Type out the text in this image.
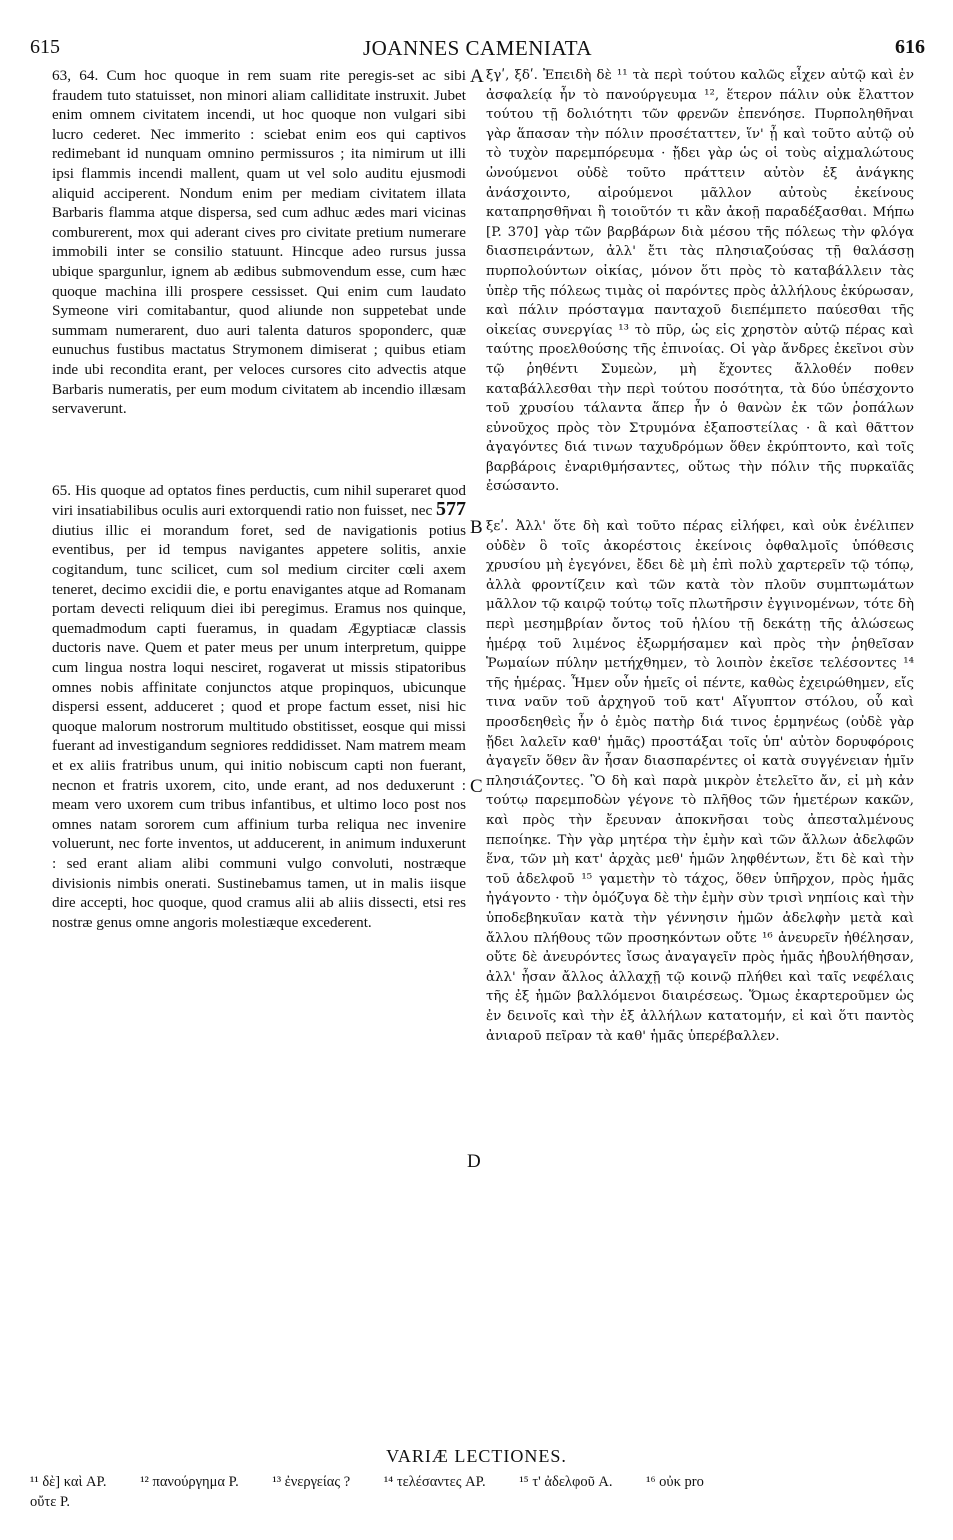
615	JOANNES CAMENIATA	616
A
B
C
D

63, 64. Cum hoc quoque in rem suam rite peregis-set ac sibi fraudem tuto statuisset, non minori aliam calliditate instruxit. Jubet enim omnem civitatem incendi, ut hoc quoque non vulgari sibi lucro cederet. Nec immerito : sciebat enim eos qui captivos redimebant id nunquam omnino permissuros ; ita nimirum ut illi ipsi flammis incendi mallent, quam ut vel solo auditu ejusmodi aliquid acciperent. Nondum enim per mediam civitatem illata Barbaris flamma atque dispersa, sed cum adhuc ædes mari vicinas comburerent, mox qui aderant cives pro civitate pretium numerare immobili inter se consilio statuunt. Hincque adeo rursus jussa ubique spargunlur, ignem ab ædibus submovendum esse, cum hæc quoque machina illi prospere cessisset. Qui enim cum laudato Symeone viri comitabantur, quod aliunde non suppetebat unde summam numerarent, duo auri talenta daturos spoponderc, quæ eunuchus fustibus mactatus Strymonem dimiserat ; quibus etiam inde ubi recondita erant, per veloces cursores cito advectis atque Barbaris numeratis, per eum modum civitatem ab incendio illæsam servaverunt.

65. His quoque ad optatos fines perductis, cum nihil superaret quod viri insatiabilibus oculis auri extorquendi ratio non fuisset, nec 577 diutius illic ei morandum foret, sed de navigationis potius eventibus, per id tempus navigantes appetere solitis, anxie cogitandum, tunc scilicet, cum sol medium circiter cœli axem teneret, decimo excidii die, e portu enavigantes atque ad Romanam portam devecti reliquum diei ibi peregimus. Eramus nos quinque, quemadmodum capti fueramus, in quadam Ægyptiacæ classis ductoris nave. Quem et pater meus per unum interpretum, quippe cum lingua nostra loqui nesciret, rogaverat ut missis stipatoribus omnes nobis affinitate conjunctos atque propinquos, ubicunque dispersi essent, adduceret ; quod et prope factum esset, nisi hic quoque malorum nostrorum multitudo obstitisset, eosque qui missi fuerant ad investigandum segniores reddidisset. Nam matrem meam et ex aliis fratribus unum, qui initio nobiscum capti non fuerant, necnon et fratris uxorem, cito, unde erant, ad nos deduxerunt : meam vero uxorem cum tribus infantibus, et ultimo loco post nos omnes natam sororem cum affinium turba reliqua nec invenire voluerunt, nec forte inventos, ut adducerent, in animum induxerunt : sed erant aliam alibi communi vulgo convoluti, nostræque divisionis nimbis onerati. Sustinebamus tamen, ut in malis iisque dire accepti, hoc quoque, quod cramus alii ab aliis dissecti, etsi res nostræ genus omne angoris molestiæque excederent.

ξγʹ, ξδʹ. Ἐπειδὴ δὲ ¹¹ τὰ περὶ τούτου καλῶς εἶχεν αὐτῷ καὶ ἐν ἀσφαλείᾳ ἦν τὸ πανούργευμα ¹², ἕτερον πάλιν οὐκ ἔλαττον τούτου τῇ δολιότητι τῶν φρενῶν ἐπενόησε. Πυρποληθῆναι γὰρ ἅπασαν τὴν πόλιν προσέταττεν, ἵν' ᾖ καὶ τοῦτο αὐτῷ οὐ τὸ τυχὸν παρεμπόρευμα · ᾔδει γὰρ ὡς οἱ τοὺς αἰχμαλώτους ὠνούμενοι οὐδὲ τοῦτο πράττειν αὐτὸν ἐξ ἀνάγκης ἀνάσχοιντο, αἱρούμενοι μᾶλλον αὐτοὺς ἐκείνους καταπρησθῆναι ἢ τοιοῦτόν τι κἂν ἀκοῇ παραδέξασθαι. Μήπω [P. 370] γὰρ τῶν βαρβάρων διὰ μέσου τῆς πόλεως τὴν φλόγα διασπειράντων, ἀλλ' ἔτι τὰς πλησιαζούσας τῇ θαλάσσῃ πυρπολούντων οἰκίας, μόνον ὅτι πρὸς τὸ καταβάλλειν τὰς ὑπὲρ τῆς πόλεως τιμὰς οἱ παρόντες πρὸς ἀλλήλους ἐκύρωσαν, καὶ πάλιν πρόσταγμα πανταχοῦ διεπέμπετο παύεσθαι τῆς οἰκείας συνεργίας ¹³ τὸ πῦρ, ὡς εἰς χρηστὸν αὐτῷ πέρας καὶ ταύτης προελθούσης τῆς ἐπινοίας. Οἱ γὰρ ἄνδρες ἐκεῖνοι σὺν τῷ ῥηθέντι Συμεὼν, μὴ ἔχοντες ἄλλοθέν ποθεν καταβάλλεσθαι τὴν περὶ τούτου ποσότητα, τὰ δύο ὑπέσχοντο τοῦ χρυσίου τάλαντα ἅπερ ἦν ὁ θανὼν ἐκ τῶν ῥοπάλων εὐνοῦχος πρὸς τὸν Στρυμόνα ἐξαποστείλας · ἃ καὶ θᾶττον ἀγαγόντες διά τινων ταχυδρόμων ὅθεν ἐκρύπτοντο, καὶ τοῖς βαρβάροις ἐναριθμήσαντες, οὕτως τὴν πόλιν τῆς πυρκαϊᾶς ἐσώσαντο.

ξεʹ. Ἀλλ' ὅτε δὴ καὶ τοῦτο πέρας εἰλήφει, καὶ οὐκ ἐνέλιπεν οὐδὲν ὃ τοῖς ἀκορέστοις ἐκείνοις ὀφθαλμοῖς ὑπόθεσις χρυσίου μὴ ἐγεγόνει, ἔδει δὲ μὴ ἐπὶ πολὺ χαρτερεῖν τῷ τόπῳ, ἀλλὰ φροντίζειν καὶ τῶν κατὰ τὸν πλοῦν συμπτωμάτων μᾶλλον τῷ καιρῷ τούτῳ τοῖς πλωτῆρσιν ἐγγινομένων, τότε δὴ περὶ μεσημβρίαν ὄντος τοῦ ἡλίου τῇ δεκάτῃ τῆς ἁλώσεως ἡμέρᾳ τοῦ λιμένος ἐξωρμήσαμεν καὶ πρὸς τὴν ῥηθεῖσαν Ῥωμαίων πύλην μετήχθημεν, τὸ λοιπὸν ἐκεῖσε τελέσοντες ¹⁴ τῆς ἡμέρας. Ἦμεν οὖν ἡμεῖς οἱ πέντε, καθὼς ἐχειρώθημεν, εἴς τινα ναῦν τοῦ ἀρχηγοῦ τοῦ κατ' Αἴγυπτον στόλου, οὗ καὶ προσδεηθεὶς ἦν ὁ ἐμὸς πατὴρ διά τινος ἑρμηνέως (οὐδὲ γὰρ ᾔδει λαλεῖν καθ' ἡμᾶς) προστάξαι τοῖς ὑπ' αὐτὸν δορυφόροις ἀγαγεῖν ὅθεν ἂν ἦσαν διασπαρέντες οἱ κατὰ συγγένειαν ἡμῖν πλησιάζοντες. Ὃ δὴ καὶ παρὰ μικρὸν ἐτελεῖτο ἄν, εἰ μὴ κἀν τούτῳ παρεμποδὼν γέγονε τὸ πλῆθος τῶν ἡμετέρων κακῶν, καὶ πρὸς τὴν ἔρευναν ἀποκνῆσαι τοὺς ἀπεσταλμένους πεποίηκε. Τὴν γὰρ μητέρα τὴν ἐμὴν καὶ τῶν ἄλλων ἀδελφῶν ἕνα, τῶν μὴ κατ' ἀρχὰς μεθ' ἡμῶν ληφθέντων, ἔτι δὲ καὶ τὴν τοῦ ἀδελφοῦ ¹⁵ γαμετὴν τὸ τάχος, ὅθεν ὑπῆρχον, πρὸς ἡμᾶς ἠγάγοντο · τὴν ὁμόζυγα δὲ τὴν ἐμὴν σὺν τρισὶ νηπίοις καὶ τὴν ὑποδεβηκυῖαν κατὰ τὴν γέννησιν ἡμῶν ἀδελφὴν μετὰ καὶ ἄλλου πλήθους τῶν προσηκόντων οὔτε ¹⁶ ἀνευρεῖν ἠθέλησαν, οὔτε δὲ ἀνευρόντες ἴσως ἀναγαγεῖν πρὸς ἡμᾶς ἠβουλήθησαν, ἀλλ' ἦσαν ἄλλος ἀλλαχῇ τῷ κοινῷ πλήθει καὶ ταῖς νεφέλαις τῆς ἐξ ἡμῶν βαλλόμενοι διαιρέσεως. Ὅμως ἐκαρτεροῦμεν ὡς ἐν δεινοῖς καὶ τὴν ἐξ ἀλλήλων κατατομήν, εἰ καὶ ὅτι παντὸς ἀνιαροῦ πεῖραν τὰ καθ' ἡμᾶς ὑπερέβαλλεν.

VARIÆ LECTIONES.
¹¹ δὲ] καὶ AP. ¹² πανούργημα P. ¹³ ἐνεργείας ? ¹⁴ τελέσαντες AP. ¹⁵ τ' ἀδελφοῦ A. ¹⁶ οὐκ pro
οὔτε P.
